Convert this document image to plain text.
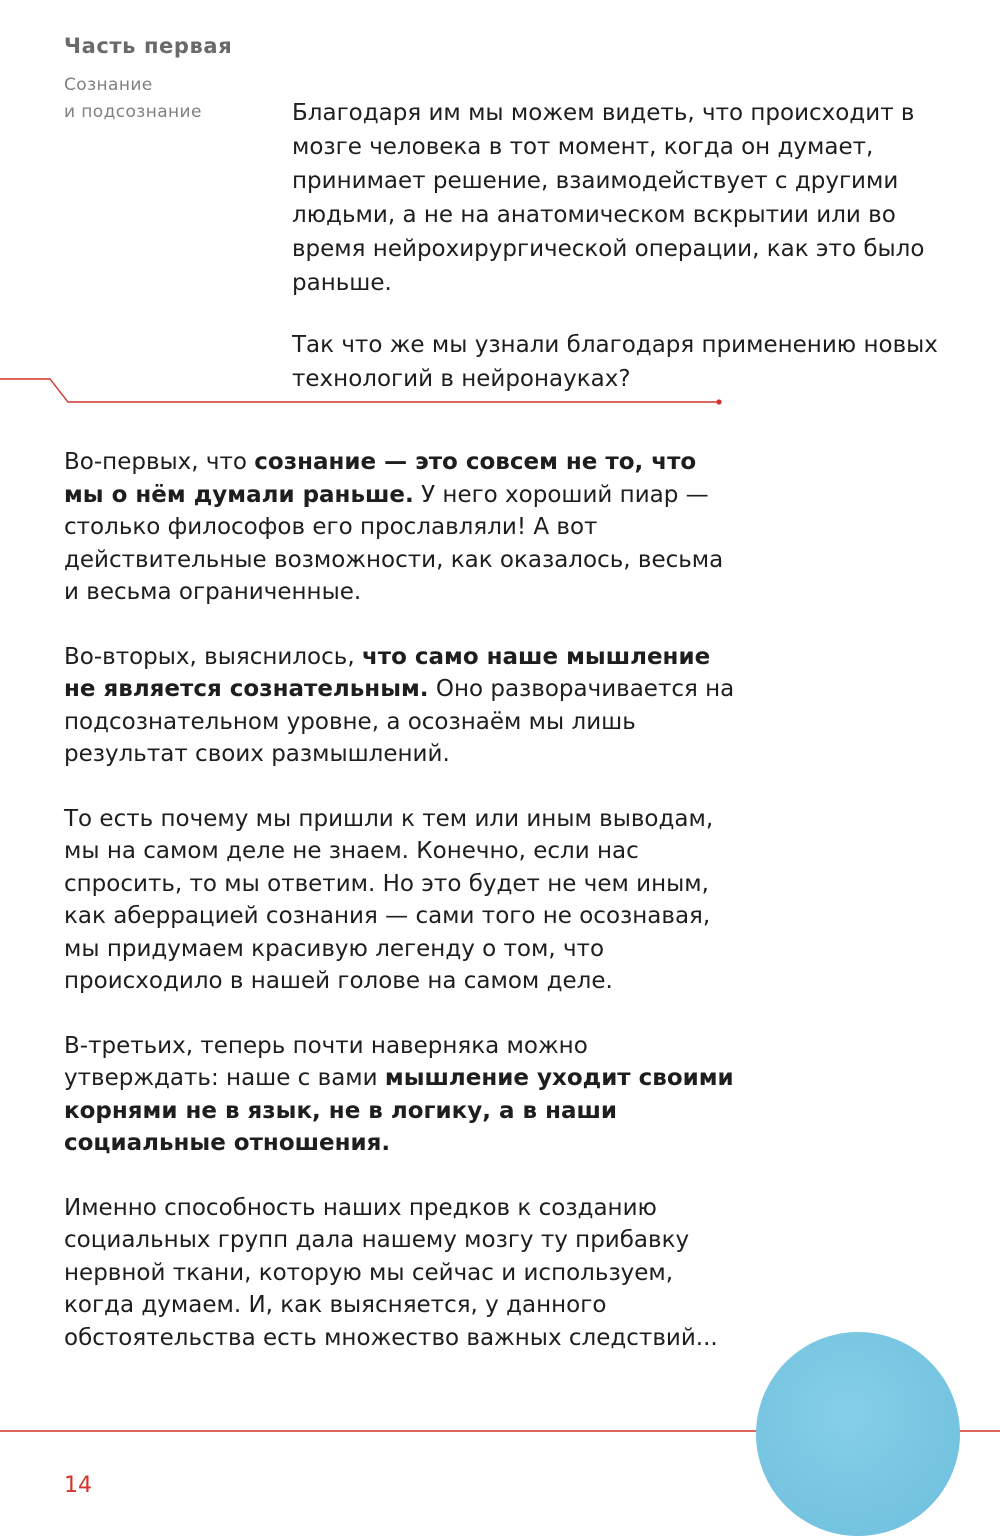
Часть первая
Сознание
и подсознание	Благодаря им мы можем видеть, что происходит в мозге человека в тот момент, когда он думает, принимает решение, взаимодействует с другими людьми, а не на анатомическом вскрытии или во время нейрохирургической операции, как это было раньше.

Так что же мы узнали благодаря применению новых технологий в нейронауках?

Во-первых, что сознание — это совсем не то, что мы о нём думали раньше. У него хороший пиар — столько философов его прославляли! А вот действительные возможности, как оказалось, весьма и весьма ограниченные.

Во-вторых, выяснилось, что само наше мышление не является сознательным. Оно разворачивается на подсознательном уровне, а осознаём мы лишь результат своих размышлений.

То есть почему мы пришли к тем или иным выводам, мы на самом деле не знаем. Конечно, если нас спросить, то мы ответим. Но это будет не чем иным, как аберрацией сознания — сами того не осознавая, мы придумаем красивую легенду о том, что происходило в нашей голове на самом деле.

В-третьих, теперь почти наверняка можно утверждать: наше с вами мышление уходит своими корнями не в язык, не в логику, а в наши социальные отношения.

Именно способность наших предков к созданию социальных групп дала нашему мозгу ту прибавку нервной ткани, которую мы сейчас и используем, когда думаем. И, как выясняется, у данного обстоятельства есть множество важных следствий...

14
